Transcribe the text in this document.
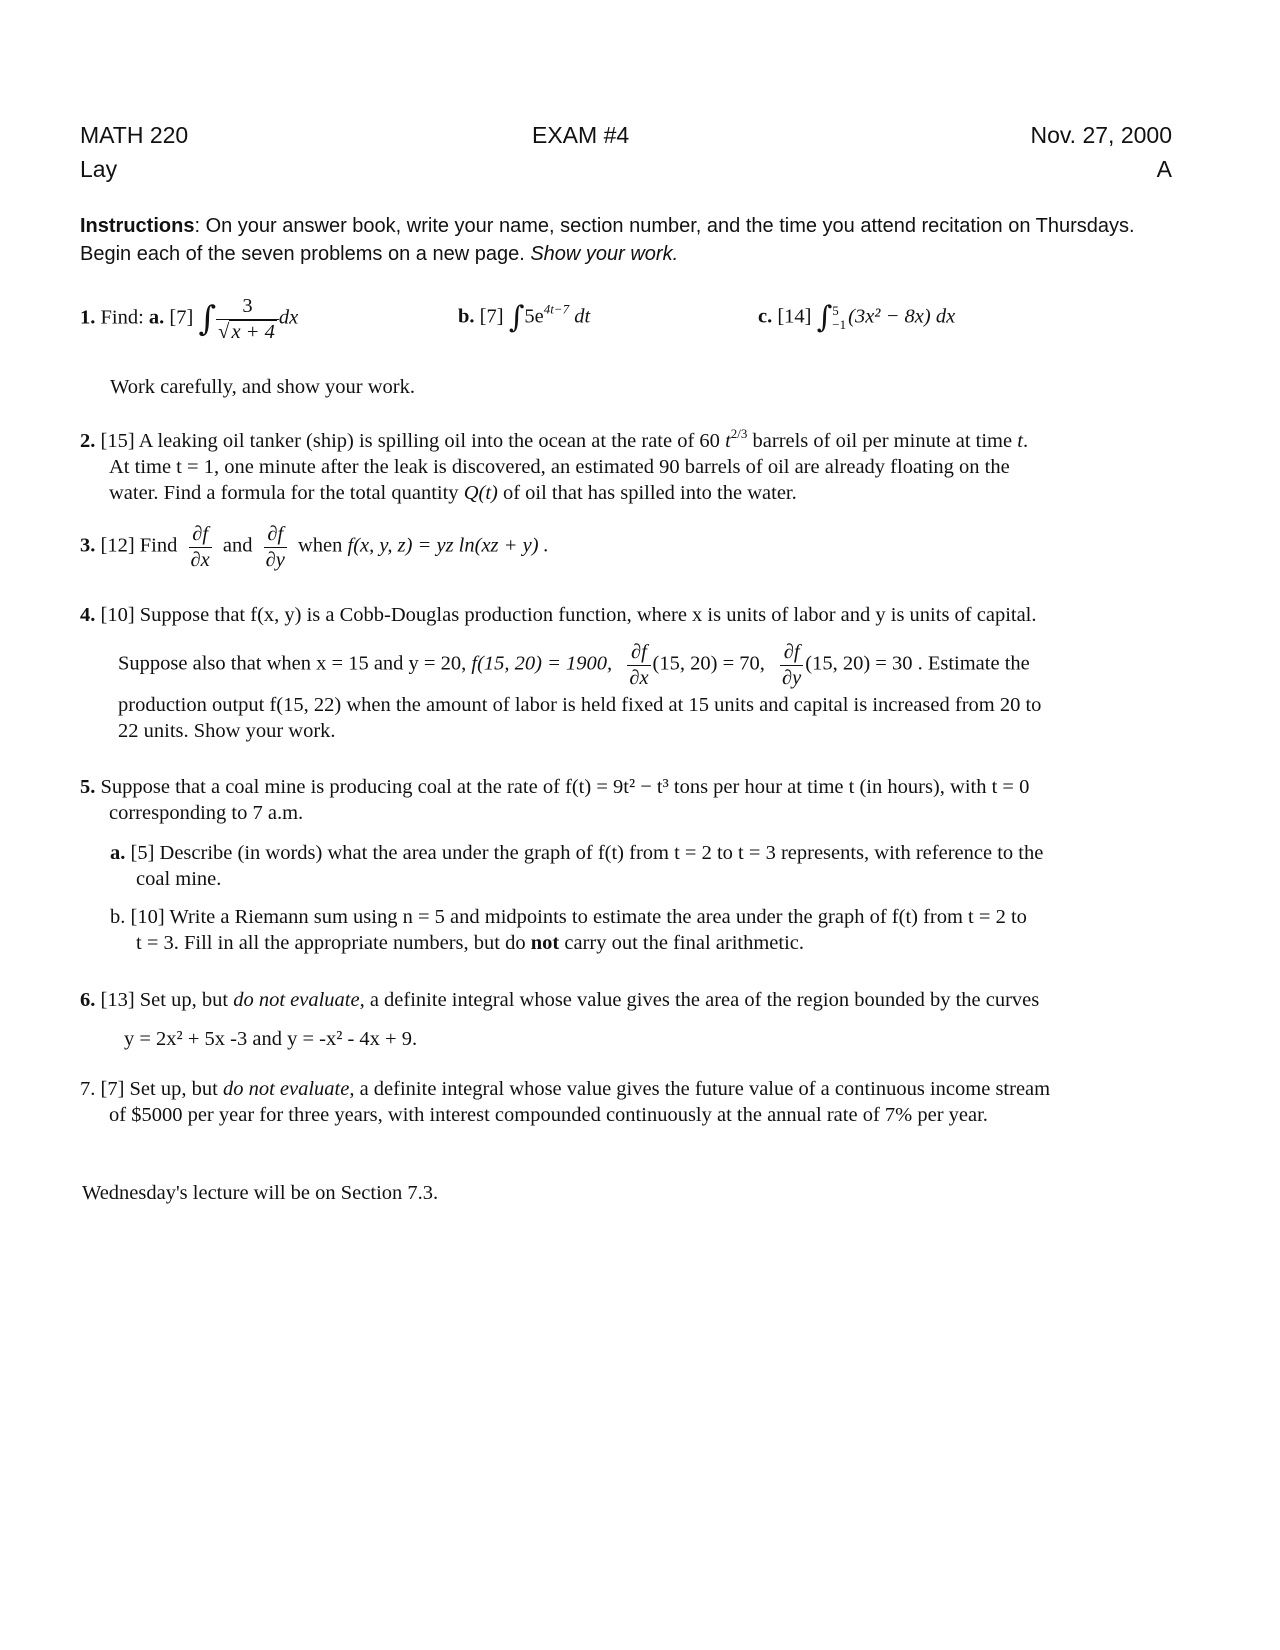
MATH 220	EXAM #4	Nov. 27, 2000
Lay	A
Instructions: On your answer book, write your name, section number, and the time you attend recitation on Thursdays. Begin each of the seven problems on a new page. Show your work.
1. Find: a. [7] ∫ $\frac{3}{√x + 4}$ dx	b. [7] $\int 5e^{4t-7}$ dt	c. [14] ∫ 5
−1 (3x² − 8x) dx
Work carefully, and show your work.
2. [15] A leaking oil tanker (ship) is spilling oil into the ocean at the rate of 60 $t^{2/3}$ barrels of oil per minute at time t.
At time t = 1, one minute after the leak is discovered, an estimated 90 barrels of oil are already floating on the
water. Find a formula for the total quantity Q(t) of oil that has spilled into the water.
3. [12] Find $\frac{\partial f}{\partial x}$ and $\frac{\partial f}{\partial y}$ when f(x, y, z) = yz ln(xz + y) .
4. [10] Suppose that f(x, y) is a Cobb-Douglas production function, where x is units of labor and y is units of capital.
Suppose also that when x = 15 and y = 20, f(15, 20) = 1900, $\frac{\partial f}{\partial x} (15$, 20) = 70, $\frac{\partial f}{\partial y} (15$, 20) = 30 . Estimate the
production output f(15, 22) when the amount of labor is held fixed at 15 units and capital is increased from 20 to
22 units. Show your work.
5. Suppose that a coal mine is producing coal at the rate of f(t) = 9t² − t³ tons per hour at time t (in hours), with t = 0
corresponding to 7 a.m.
a. [5] Describe (in words) what the area under the graph of f(t) from t = 2 to t = 3 represents, with reference to the
coal mine.
b. [10] Write a Riemann sum using n = 5 and midpoints to estimate the area under the graph of f(t) from t = 2 to
t = 3. Fill in all the appropriate numbers, but do not carry out the final arithmetic.
6. [13] Set up, but do not evaluate, a definite integral whose value gives the area of the region bounded by the curves
y = 2x² + 5x -3 and y = -x² - 4x + 9.
7. [7] Set up, but do not evaluate, a definite integral whose value gives the future value of a continuous income stream
of $5000 per year for three years, with interest compounded continuously at the annual rate of 7% per year.
Wednesday's lecture will be on Section 7.3.
